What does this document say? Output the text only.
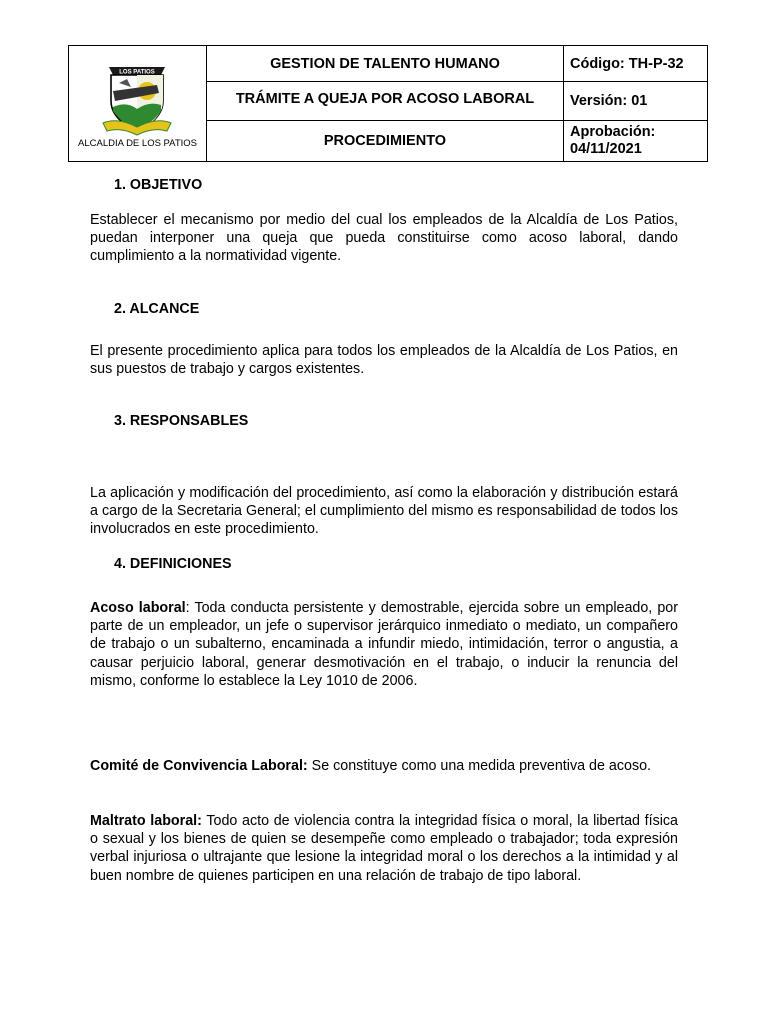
LOS PATIOS
ALCALDIA DE LOS PATIOS	GESTION DE TALENTO HUMANO	Código: TH-P-32
	TRÁMITE A QUEJA POR ACOSO LABORAL	Versión: 01
	PROCEDIMIENTO	Aprobación:
04/11/2021
1. OBJETIVO
Establecer el mecanismo por medio del cual los empleados de la Alcaldía de Los Patios, puedan interponer una queja que pueda constituirse como acoso laboral, dando cumplimiento a la normatividad vigente.
2. ALCANCE
El presente procedimiento aplica para todos los empleados de la Alcaldía de Los Patios, en sus puestos de trabajo y cargos existentes.
3. RESPONSABLES
La aplicación y modificación del procedimiento, así como la elaboración y distribución estará a cargo de la Secretaria General; el cumplimiento del mismo es responsabilidad de todos los involucrados en este procedimiento.
4. DEFINICIONES
Acoso laboral: Toda conducta persistente y demostrable, ejercida sobre un empleado, por parte de un empleador, un jefe o supervisor jerárquico inmediato o mediato, un compañero de trabajo o un subalterno, encaminada a infundir miedo, intimidación, terror o angustia, a causar perjuicio laboral, generar desmotivación en el trabajo, o inducir la renuncia del mismo, conforme lo establece la Ley 1010 de 2006.
Comité de Convivencia Laboral: Se constituye como una medida preventiva de acoso.
Maltrato laboral: Todo acto de violencia contra la integridad física o moral, la libertad física o sexual y los bienes de quien se desempeñe como empleado o trabajador; toda expresión verbal injuriosa o ultrajante que lesione la integridad moral o los derechos a la intimidad y al buen nombre de quienes participen en una relación de trabajo de tipo laboral.
